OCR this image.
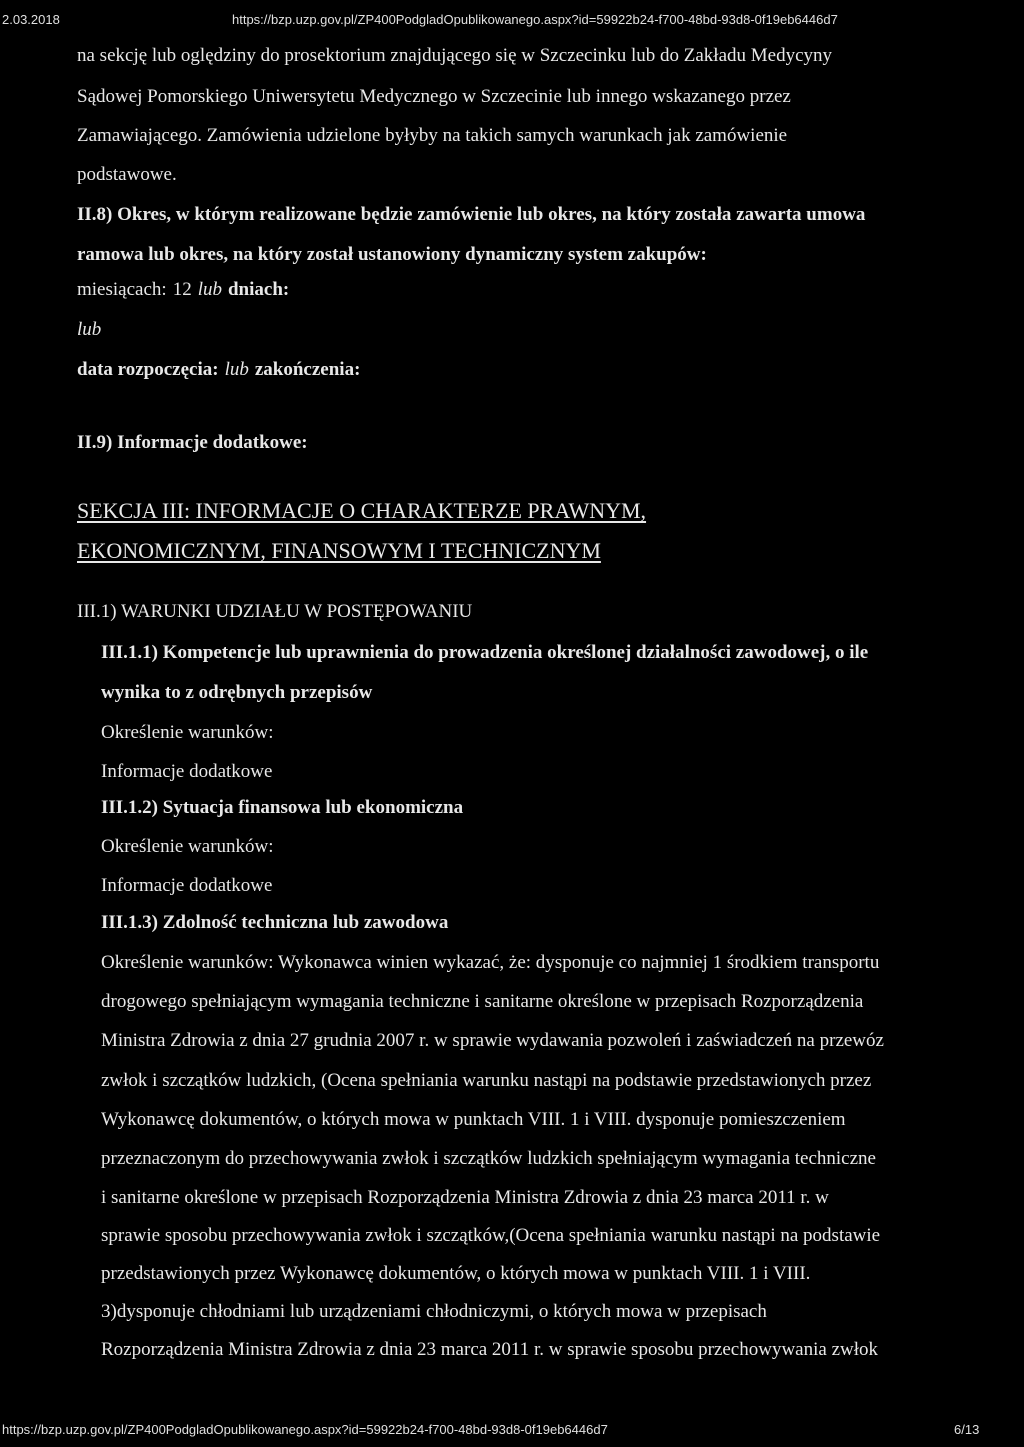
2.03.2018	https://bzp.uzp.gov.pl/ZP400PodgladOpublikowanego.aspx?id=59922b24-f700-48bd-93d8-0f19eb6446d7
na sekcję lub oględziny do prosektorium znajdującego się w Szczecinku lub do Zakładu Medycyny
Sądowej Pomorskiego Uniwersytetu Medycznego w Szczecinie lub innego wskazanego przez
Zamawiającego. Zamówienia udzielone byłyby na takich samych warunkach jak zamówienie
podstawowe.
II.8) Okres, w którym realizowane będzie zamówienie lub okres, na który została zawarta umowa
ramowa lub okres, na który został ustanowiony dynamiczny system zakupów:
miesiącach: 12 lub dniach:
lub
data rozpoczęcia: lub zakończenia:
II.9) Informacje dodatkowe:
SEKCJA III: INFORMACJE O CHARAKTERZE PRAWNYM,
EKONOMICZNYM, FINANSOWYM I TECHNICZNYM
III.1) WARUNKI UDZIAŁU W POSTĘPOWANIU
III.1.1) Kompetencje lub uprawnienia do prowadzenia określonej działalności zawodowej, o ile
wynika to z odrębnych przepisów
Określenie warunków:
Informacje dodatkowe
III.1.2) Sytuacja finansowa lub ekonomiczna
Określenie warunków:
Informacje dodatkowe
III.1.3) Zdolność techniczna lub zawodowa
Określenie warunków: Wykonawca winien wykazać, że: dysponuje co najmniej 1 środkiem transportu
drogowego spełniającym wymagania techniczne i sanitarne określone w przepisach Rozporządzenia
Ministra Zdrowia z dnia 27 grudnia 2007 r. w sprawie wydawania pozwoleń i zaświadczeń na przewóz
zwłok i szczątków ludzkich, (Ocena spełniania warunku nastąpi na podstawie przedstawionych przez
Wykonawcę dokumentów, o których mowa w punktach VIII. 1 i VIII. dysponuje pomieszczeniem
przeznaczonym do przechowywania zwłok i szczątków ludzkich spełniającym wymagania techniczne
i sanitarne określone w przepisach Rozporządzenia Ministra Zdrowia z dnia 23 marca 2011 r. w
sprawie sposobu przechowywania zwłok i szczątków,(Ocena spełniania warunku nastąpi na podstawie
przedstawionych przez Wykonawcę dokumentów, o których mowa w punktach VIII. 1 i VIII.
3)dysponuje chłodniami lub urządzeniami chłodniczymi, o których mowa w przepisach
Rozporządzenia Ministra Zdrowia z dnia 23 marca 2011 r. w sprawie sposobu przechowywania zwłok
https://bzp.uzp.gov.pl/ZP400PodgladOpublikowanego.aspx?id=59922b24-f700-48bd-93d8-0f19eb6446d7	6/13
